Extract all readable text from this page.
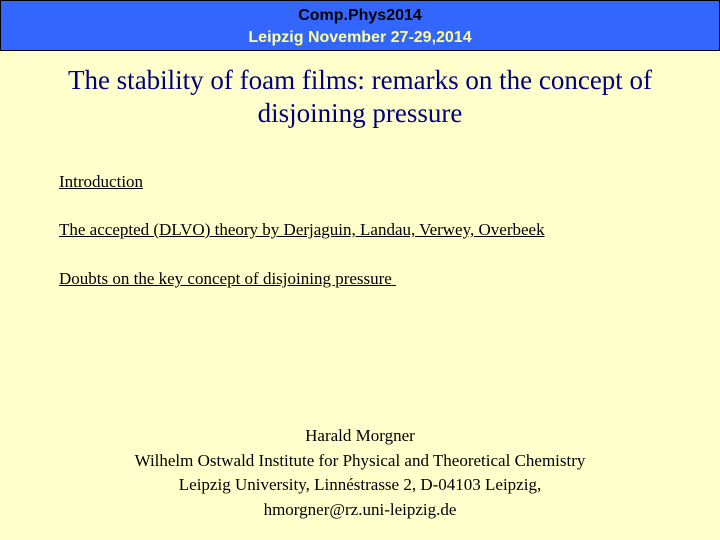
Comp.Phys2014
Leipzig November 27-29,2014
The stability of foam films: remarks on the concept of
disjoining pressure
Introduction
The accepted (DLVO) theory by Derjaguin, Landau, Verwey, Overbeek
Doubts on the key concept of disjoining pressure
Harald Morgner
Wilhelm Ostwald Institute for Physical and Theoretical Chemistry
Leipzig University, Linnéstrasse 2, D-04103 Leipzig,
hmorgner@rz.uni-leipzig.de
